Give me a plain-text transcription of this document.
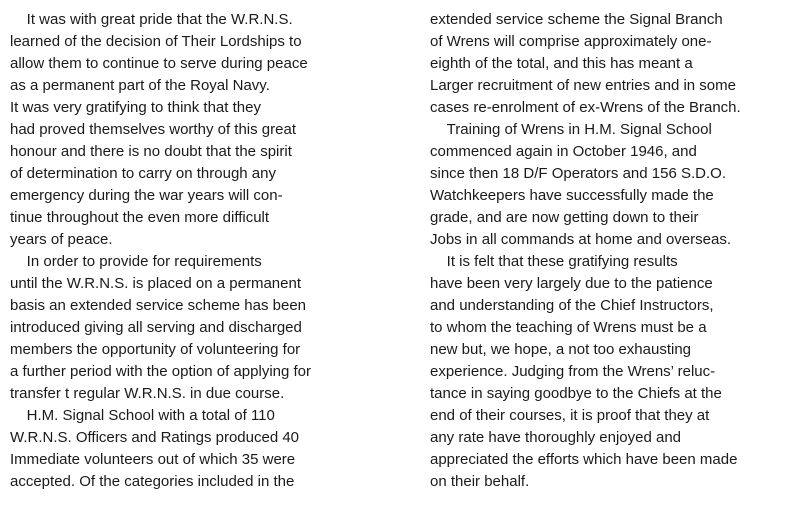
It was with great pride that the W.R.N.S.
learned of the decision of Their Lordships to
allow them to continue to serve during peace
as a permanent part of the Royal Navy.
It was very gratifying to think that they
had proved themselves worthy of this great
honour and there is no doubt that the spirit
of determination to carry on through any
emergency during the war years will con-
tinue throughout the even more difficult
years of peace.
In order to provide for requirements
until the W.R.N.S. is placed on a permanent
basis an extended service scheme has been
introduced giving all serving and discharged
members the opportunity of volunteering for
a further period with the option of applying for
transfer t regular W.R.N.S. in due course.
H.M. Signal School with a total of 110
W.R.N.S. Officers and Ratings produced 40
Immediate volunteers out of which 35 were
accepted. Of the categories included in the
extended service scheme the Signal Branch
of Wrens will comprise approximately one-
eighth of the total, and this has meant a
Larger recruitment of new entries and in some
cases re-enrolment of ex-Wrens of the Branch.
Training of Wrens in H.M. Signal School
commenced again in October 1946, and
since then 18 D/F Operators and 156 S.D.O.
Watchkeepers have successfully made the
grade, and are now getting down to their
Jobs in all commands at home and overseas.
It is felt that these gratifying results
have been very largely due to the patience
and understanding of the Chief Instructors,
to whom the teaching of Wrens must be a
new but, we hope, a not too exhausting
experience. Judging from the Wrens’ reluc-
tance in saying goodbye to the Chiefs at the
end of their courses, it is proof that they at
any rate have thoroughly enjoyed and
appreciated the efforts which have been made
on their behalf.
